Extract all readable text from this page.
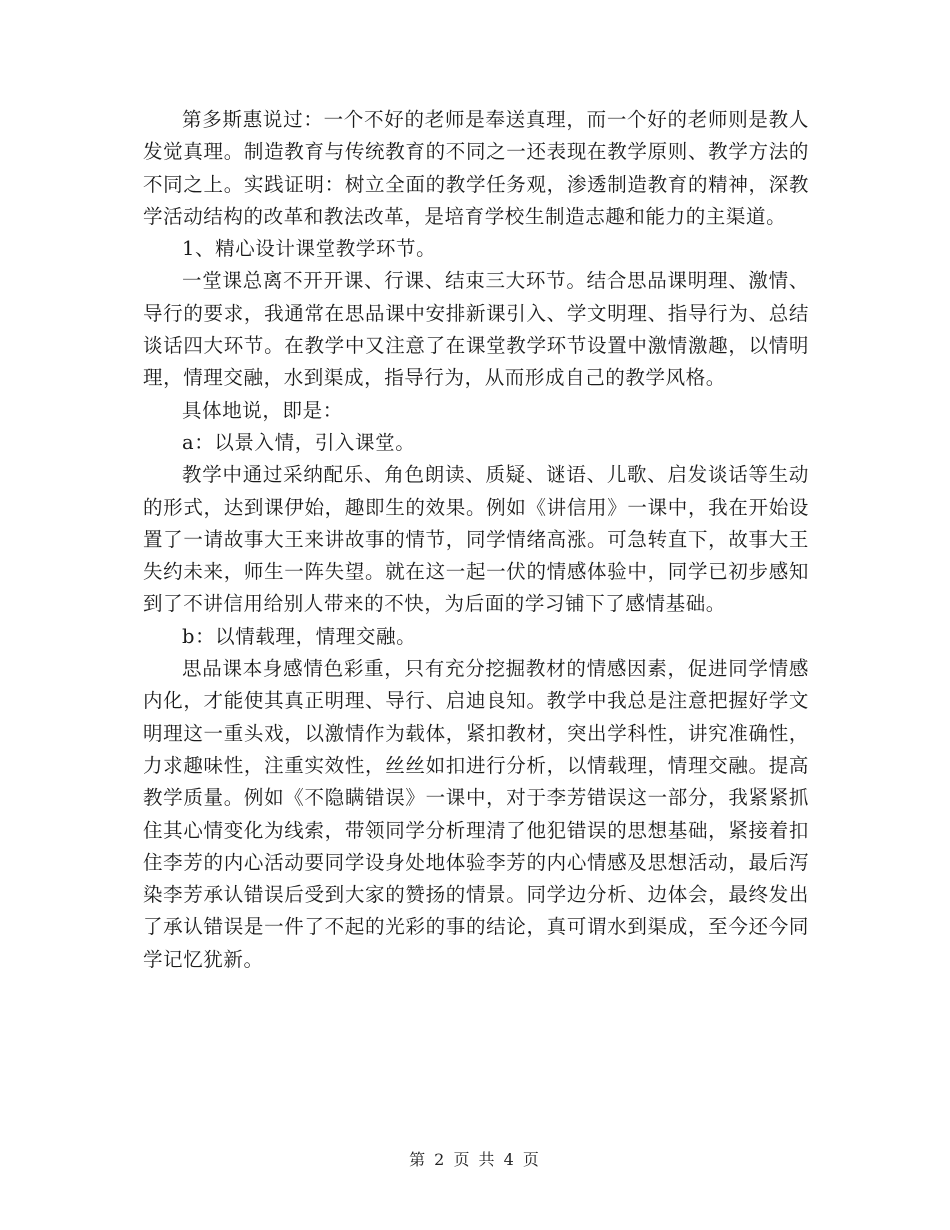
第多斯惠说过：一个不好的老师是奉送真理，而一个好的老师则是教人发觉真理。制造教育与传统教育的不同之一还表现在教学原则、教学方法的不同之上。实践证明：树立全面的教学任务观，渗透制造教育的精神，深教学活动结构的改革和教法改革，是培育学校生制造志趣和能力的主渠道。

1、精心设计课堂教学环节。

一堂课总离不开开课、行课、结束三大环节。结合思品课明理、激情、导行的要求，我通常在思品课中安排新课引入、学文明理、指导行为、总结谈话四大环节。在教学中又注意了在课堂教学环节设置中激情激趣，以情明理，情理交融，水到渠成，指导行为，从而形成自己的教学风格。

具体地说，即是：

a：以景入情，引入课堂。

教学中通过采纳配乐、角色朗读、质疑、谜语、儿歌、启发谈话等生动的形式，达到课伊始，趣即生的效果。例如《讲信用》一课中，我在开始设置了一请故事大王来讲故事的情节，同学情绪高涨。可急转直下，故事大王失约未来，师生一阵失望。就在这一起一伏的情感体验中，同学已初步感知到了不讲信用给别人带来的不快，为后面的学习铺下了感情基础。

b：以情载理，情理交融。

思品课本身感情色彩重，只有充分挖掘教材的情感因素，促进同学情感内化，才能使其真正明理、导行、启迪良知。教学中我总是注意把握好学文明理这一重头戏，以激情作为载体，紧扣教材，突出学科性，讲究准确性，力求趣味性，注重实效性，丝丝如扣进行分析，以情载理，情理交融。提高教学质量。例如《不隐瞒错误》一课中，对于李芳错误这一部分，我紧紧抓住其心情变化为线索，带领同学分析理清了他犯错误的思想基础，紧接着扣住李芳的内心活动要同学设身处地体验李芳的内心情感及思想活动，最后泻染李芳承认错误后受到大家的赞扬的情景。同学边分析、边体会，最终发出了承认错误是一件了不起的光彩的事的结论，真可谓水到渠成，至今还今同学记忆犹新。

第 2 页 共 4 页
